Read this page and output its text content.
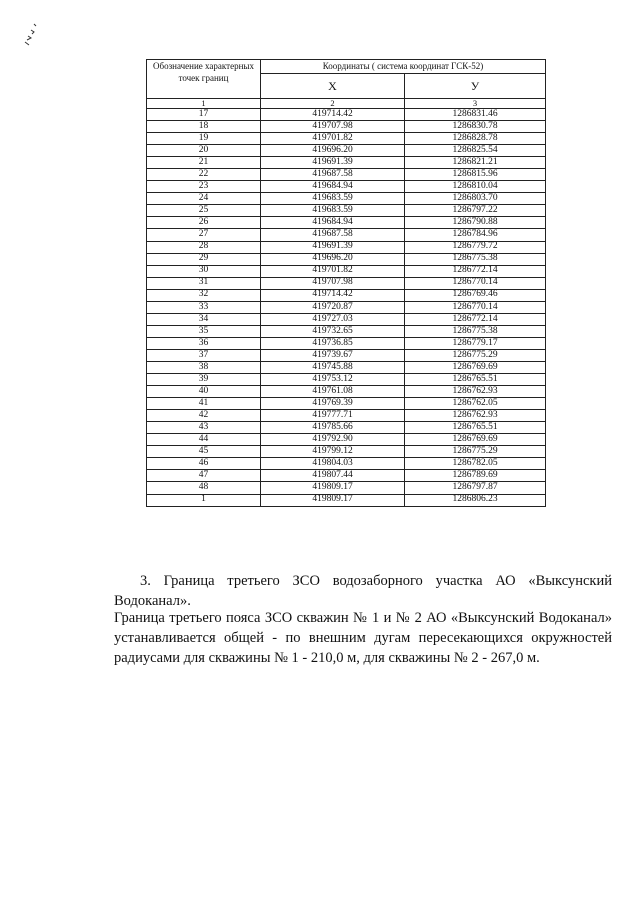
Обозначение характерных точек границ	Координаты ( система координат ГСК-52)	
	X	У
1	2	3
17	419714.42	1286831.46
18	419707.98	1286830.78
19	419701.82	1286828.78
20	419696.20	1286825.54
21	419691.39	1286821.21
22	419687.58	1286815.96
23	419684.94	1286810.04
24	419683.59	1286803.70
25	419683.59	1286797.22
26	419684.94	1286790.88
27	419687.58	1286784.96
28	419691.39	1286779.72
29	419696.20	1286775.38
30	419701.82	1286772.14
31	419707.98	1286770.14
32	419714.42	1286769.46
33	419720.87	1286770.14
34	419727.03	1286772.14
35	419732.65	1286775.38
36	419736.85	1286779.17
37	419739.67	1286775.29
38	419745.88	1286769.69
39	419753.12	1286765.51
40	419761.08	1286762.93
41	419769.39	1286762.05
42	419777.71	1286762.93
43	419785.66	1286765.51
44	419792.90	1286769.69
45	419799.12	1286775.29
46	419804.03	1286782.05
47	419807.44	1286789.69
48	419809.17	1286797.87
1	419809.17	1286806.23
3. Граница третьего ЗСО водозаборного участка АО «Выксунский Водоканал».
Граница третьего пояса ЗСО скважин № 1 и № 2 АО «Выксунский Водоканал» устанавливается общей - по внешним дугам пересекающихся окружностей радиусами для скважины № 1 - 210,0 м, для скважины № 2 - 267,0 м.
